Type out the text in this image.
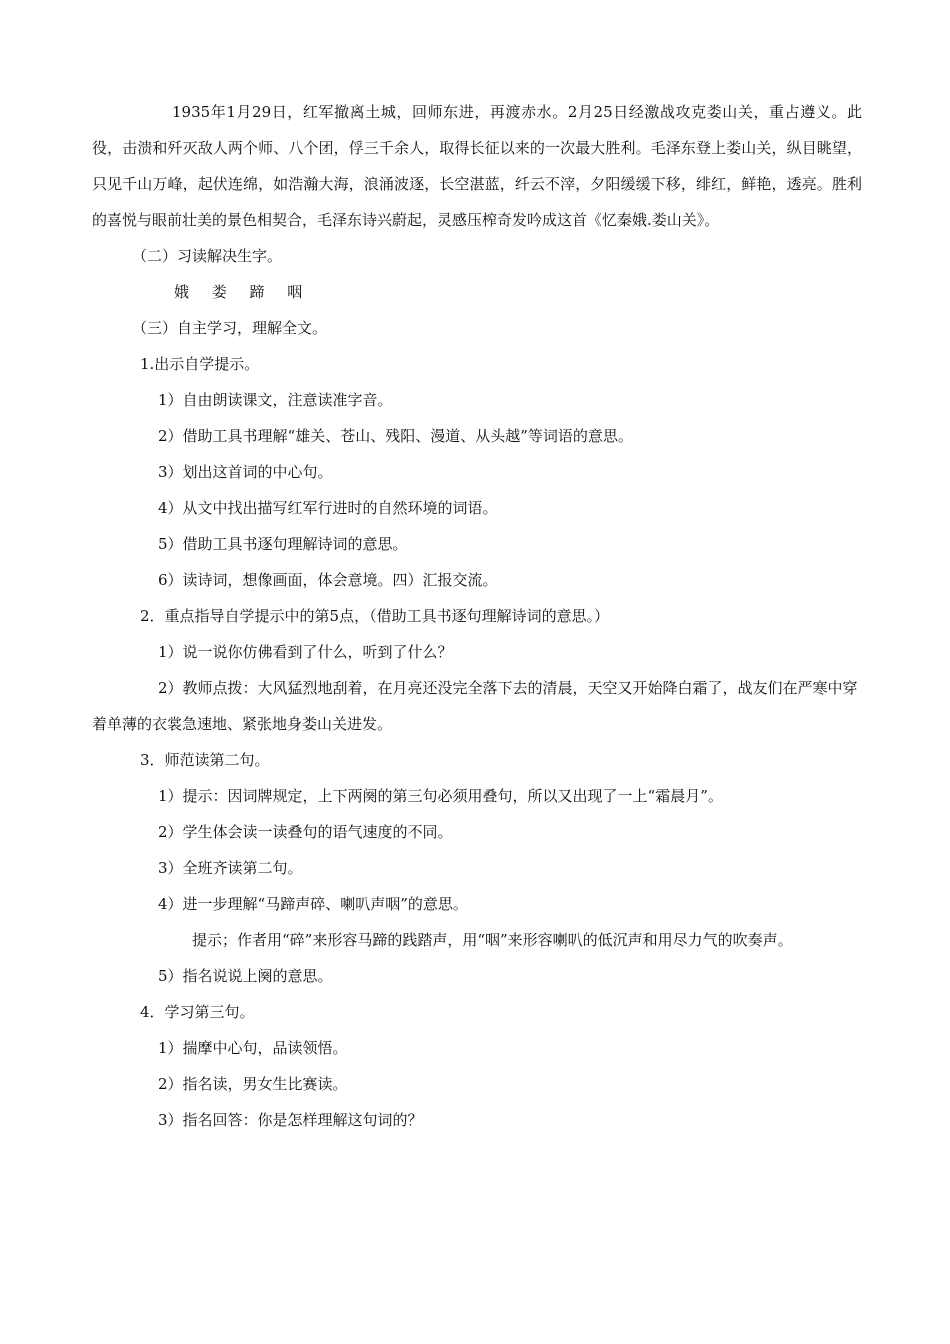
1935年1月29日，红军撤离土城，回师东进，再渡赤水。2月25日经激战攻克娄山关，重占遵义。此役，击溃和歼灭敌人两个师、八个团，俘三千余人，取得长征以来的一次最大胜利。毛泽东登上娄山关，纵目眺望，只见千山万峰，起伏连绵，如浩瀚大海，浪涌波逐，长空湛蓝，纤云不滓，夕阳缓缓下移，绯红，鲜艳，透亮。胜利的喜悦与眼前壮美的景色相契合，毛泽东诗兴蔚起，灵感压榨奇发吟成这首《忆秦娥.娄山关》。

（二）习读解决生字。

娥 娄 蹄 咽

（三）自主学习，理解全文。

1.出示自学提示。

1）自由朗读课文，注意读准字音。

2）借助工具书理解“雄关、苍山、残阳、漫道、从头越”等词语的意思。

3）划出这首词的中心句。

4）从文中找出描写红军行进时的自然环境的词语。

5）借助工具书逐句理解诗词的意思。

6）读诗词，想像画面，体会意境。四）汇报交流。

2．重点指导自学提示中的第5点，（借助工具书逐句理解诗词的意思。）

1）说一说你仿佛看到了什么，听到了什么？

2）教师点拨：大风猛烈地刮着，在月亮还没完全落下去的清晨，天空又开始降白霜了，战友们在严寒中穿着单薄的衣裳急速地、紧张地身娄山关进发。

3．师范读第二句。

1）提示：因词牌规定，上下两阕的第三句必须用叠句，所以又出现了一上“霜晨月”。

2）学生体会读一读叠句的语气速度的不同。

3）全班齐读第二句。

4）进一步理解“马蹄声碎、喇叭声咽”的意思。

提示；作者用“碎”来形容马蹄的践踏声，用“咽”来形容喇叭的低沉声和用尽力气的吹奏声。

5）指名说说上阕的意思。

4．学习第三句。

1）揣摩中心句，品读领悟。

2）指名读，男女生比赛读。

3）指名回答：你是怎样理解这句词的？
